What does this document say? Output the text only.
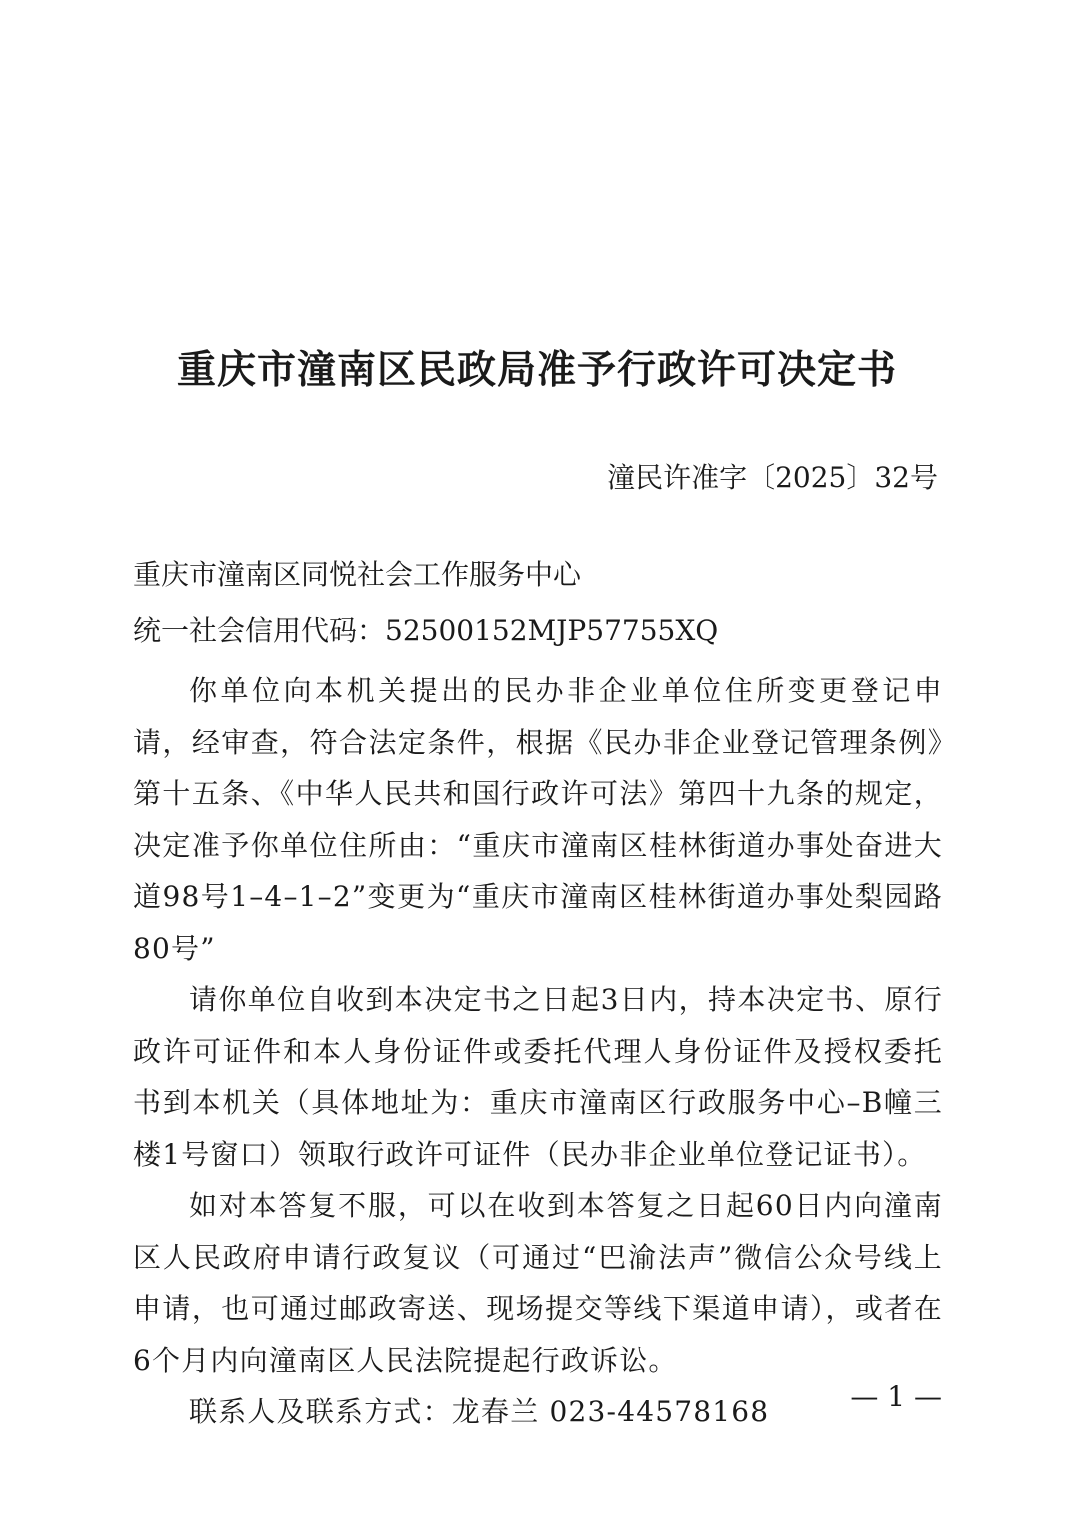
重庆市潼南区民政局准予行政许可决定书
潼民许准字〔2025〕32号
重庆市潼南区同悦社会工作服务中心
统一社会信用代码：52500152MJP57755XQ

你单位向本机关提出的民办非企业单位住所变更登记申请，经审查，符合法定条件，根据《民办非企业登记管理条例》第十五条、《中华人民共和国行政许可法》第四十九条的规定，决定准予你单位住所由：“重庆市潼南区桂林街道办事处奋进大道98号1–4–1–2”变更为“重庆市潼南区桂林街道办事处梨园路80号”

请你单位自收到本决定书之日起3日内，持本决定书、原行政许可证件和本人身份证件或委托代理人身份证件及授权委托书到本机关（具体地址为：重庆市潼南区行政服务中心–B幢三楼1号窗口）领取行政许可证件（民办非企业单位登记证书）。

如对本答复不服，可以在收到本答复之日起60日内向潼南区人民政府申请行政复议（可通过“巴渝法声”微信公众号线上申请，也可通过邮政寄送、现场提交等线下渠道申请），或者在6个月内向潼南区人民法院提起行政诉讼。

联系人及联系方式：龙春兰 023-44578168	— 1 —
